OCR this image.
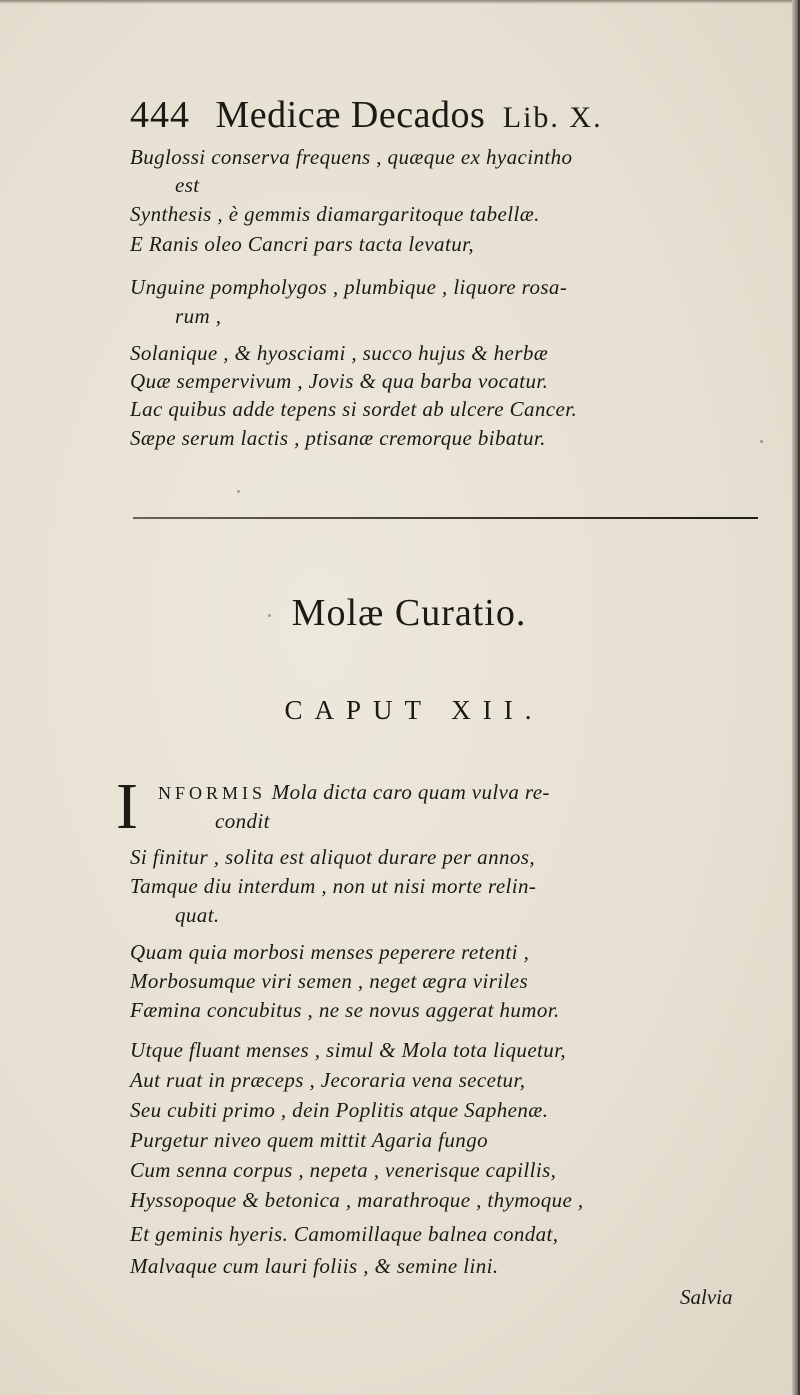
444 Medicæ Decados Lib. X.
Buglossi conserva frequens , quæque ex hyacintho
est
Synthesis , è gemmis diamargaritoque tabellæ.
E Ranis oleo Cancri pars tacta levatur,
Unguine pompholygos , plumbique , liquore rosa-
rum ,
Solanique , & hyosciami , succo hujus & herbæ
Quæ sempervivum , Jovis & qua barba vocatur.
Lac quibus adde tepens si sordet ab ulcere Cancer.
Sæpe serum lactis , ptisanæ cremorque bibatur.
Molæ Curatio.
CAPUT XII.
I NFORMIS Mola dicta caro quam vulva re-
condit
Si finitur , solita est aliquot durare per annos,
Tamque diu interdum , non ut nisi morte relin-
quat.
Quam quia morbosi menses peperere retenti ,
Morbosumque viri semen , neget ægra viriles
Fæmina concubitus , ne se novus aggerat humor.
Utque fluant menses , simul & Mola tota liquetur,
Aut ruat in præceps , Jecoraria vena secetur,
Seu cubiti primo , dein Poplitis atque Saphenæ.
Purgetur niveo quem mittit Agaria fungo
Cum senna corpus , nepeta , venerisque capillis,
Hyssopoque & betonica , marathroque , thymoque ,
Et geminis hyeris. Camomillaque balnea condat,
Malvaque cum lauri foliis , & semine lini.
Salvia
